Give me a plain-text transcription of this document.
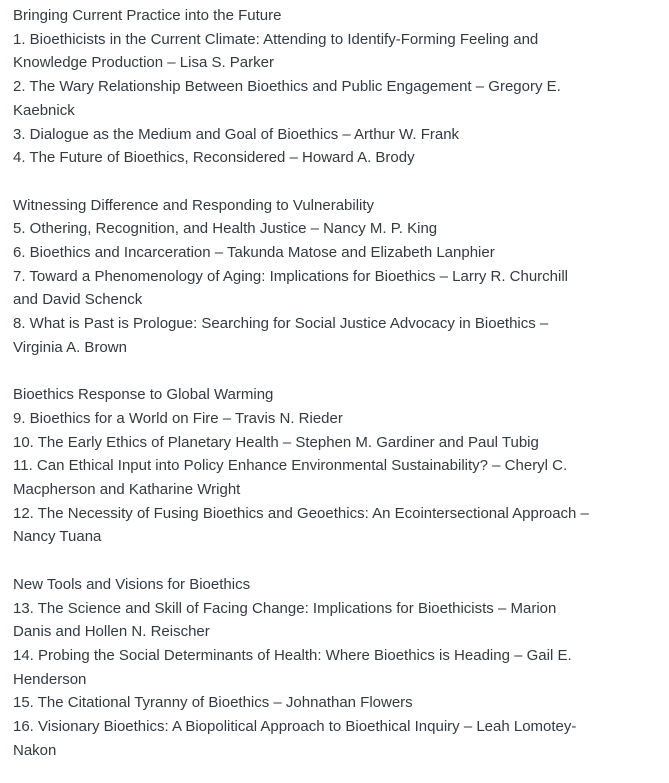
Bringing Current Practice into the Future
1. Bioethicists in the Current Climate: Attending to Identify-Forming Feeling and
Knowledge Production – Lisa S. Parker
2. The Wary Relationship Between Bioethics and Public Engagement – Gregory E.
Kaebnick
3. Dialogue as the Medium and Goal of Bioethics – Arthur W. Frank
4. The Future of Bioethics, Reconsidered – Howard A. Brody
Witnessing Difference and Responding to Vulnerability
5. Othering, Recognition, and Health Justice – Nancy M. P. King
6. Bioethics and Incarceration – Takunda Matose and Elizabeth Lanphier
7. Toward a Phenomenology of Aging: Implications for Bioethics – Larry R. Churchill
and David Schenck
8. What is Past is Prologue: Searching for Social Justice Advocacy in Bioethics –
Virginia A. Brown
Bioethics Response to Global Warming
9. Bioethics for a World on Fire – Travis N. Rieder
10. The Early Ethics of Planetary Health – Stephen M. Gardiner and Paul Tubig
11. Can Ethical Input into Policy Enhance Environmental Sustainability? – Cheryl C.
Macpherson and Katharine Wright
12. The Necessity of Fusing Bioethics and Geoethics: An Ecointersectional Approach –
Nancy Tuana
New Tools and Visions for Bioethics
13. The Science and Skill of Facing Change: Implications for Bioethicists – Marion
Danis and Hollen N. Reischer
14. Probing the Social Determinants of Health: Where Bioethics is Heading – Gail E.
Henderson
15. The Citational Tyranny of Bioethics – Johnathan Flowers
16. Visionary Bioethics: A Biopolitical Approach to Bioethical Inquiry – Leah Lomotey-
Nakon
